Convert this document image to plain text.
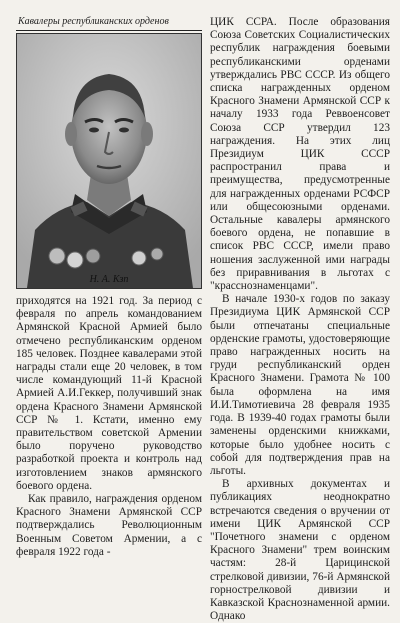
Кавалеры республиканских орденов
Н. А. Кзп

приходятся на 1921 год. За период с февраля по апрель командованием Армянской Красной Армией было отмечено республиканским орденом 185 человек. Позднее кавалерами этой награды стали еще 20 человек, в том числе командующий 11-й Красной Армией А.И.Геккер, получивший знак ордена Красного Знамени Армянской ССР № 1. Кстати, именно ему правительством советской Армении было поручено руководство разработкой проекта и контроль над изготовлением знаков армянского боевого ордена.

Как правило, награждения орденом Красного Знамени Армянской ССР подтверждались Революционным Военным Советом Армении, а с февраля 1922 года -

ЦИК ССРА. После образования Союза Советских Социалистических республик награждения боевыми республиканскими орденами утверждались РВС СССР. Из общего списка награжденных орденом Красного Знамени Армянской ССР к началу 1933 года Реввоенсовет Союза ССР утвердил 123 награждения. На этих лиц Президиум ЦИК СССР распространил права и преимущества, предусмотренные для награжденных орденами РСФСР или общесоюзными орденами. Остальные кавалеры армянского боевого ордена, не попавшие в список РВС СССР, имели право ношения заслуженной ими награды без приравнивания в льготах с "красснознаменцами".

В начале 1930-х годов по заказу Президиума ЦИК Армянской ССР были отпечатаны специальные орденские грамоты, удостоверяющие право награжденных носить на груди республиканский орден Красного Знамени. Грамота № 100 была оформлена на имя И.И.Тимотиевича 28 февраля 1935 года. В 1939-40 годах грамоты были заменены орденскими книжками, которые было удобнее носить с собой для подтверждения прав на льготы.

В архивных документах и публикациях неоднократно встречаются сведения о вручении от имени ЦИК Армянской ССР "Почетного знамени с орденом Красного Знамени" трем воинским частям: 28-й Царицинской стрелковой дивизии, 76-й Армянской горнострелковой дивизии и Кавказской Краснознаменной армии. Однако
